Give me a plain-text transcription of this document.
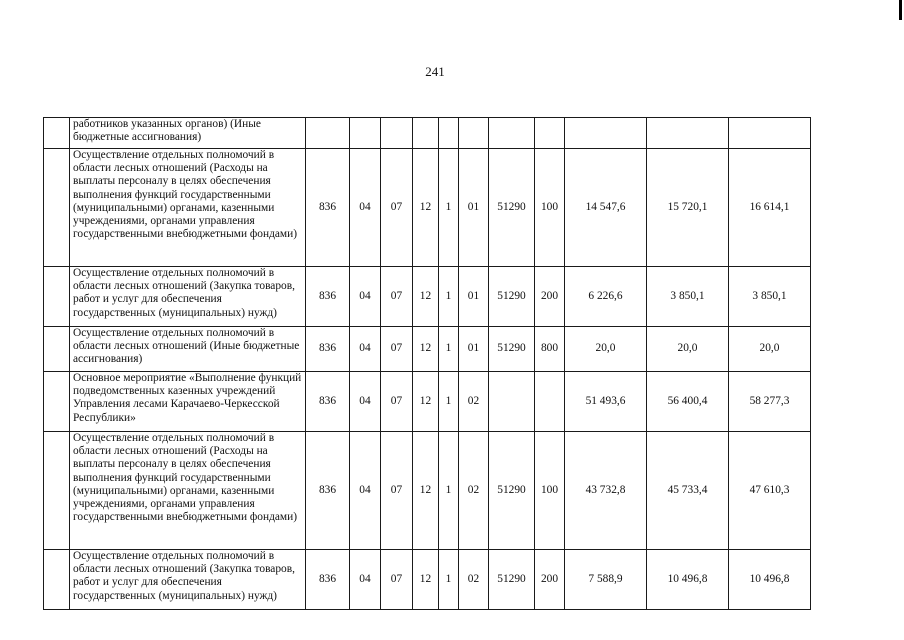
241
	работников указанных органов) (Иные бюджетные ассигнования)											
	Осуществление отдельных полномочий в области лесных отношений (Расходы на выплаты персоналу в целях обеспечения выполнения функций государственными (муниципальными) органами, казенными учреждениями, органами управления государственными внебюджетными фондами)	836	04	07	12	1	01	51290	100	14 547,6	15 720,1	16 614,1
	Осуществление отдельных полномочий в области лесных отношений (Закупка товаров, работ и услуг для обеспечения государственных (муниципальных) нужд)	836	04	07	12	1	01	51290	200	6 226,6	3 850,1	3 850,1
	Осуществление отдельных полномочий в области лесных отношений (Иные бюджетные ассигнования)	836	04	07	12	1	01	51290	800	20,0	20,0	20,0
	Основное мероприятие «Выполнение функций подведомственных казенных учреждений Управления лесами Карачаево-Черкесской Республики»	836	04	07	12	1	02			51 493,6	56 400,4	58 277,3
	Осуществление отдельных полномочий в области лесных отношений (Расходы на выплаты персоналу в целях обеспечения выполнения функций государственными (муниципальными) органами, казенными учреждениями, органами управления государственными внебюджетными фондами)	836	04	07	12	1	02	51290	100	43 732,8	45 733,4	47 610,3
	Осуществление отдельных полномочий в области лесных отношений (Закупка товаров, работ и услуг для обеспечения государственных (муниципальных) нужд)	836	04	07	12	1	02	51290	200	7 588,9	10 496,8	10 496,8
